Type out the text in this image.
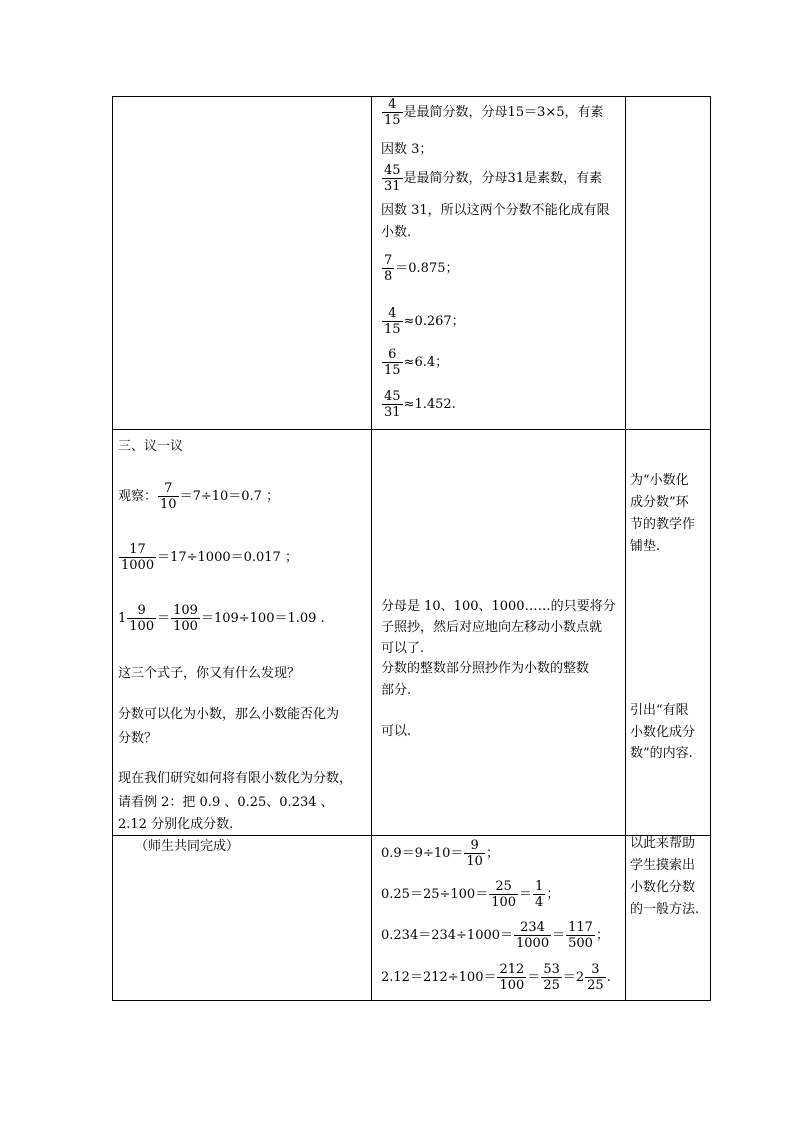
$\frac{4}{15}$ 是最简分数，分母15＝3×5，有素
因数 3；
$\frac{45}{31}$ 是最简分数，分母31是素数，有素
因数 31，所以这两个分数不能化成有限
小数.
$\frac{7}{8} =0.875$；
$\frac{4}{15} \approx 0.267$；
$\frac{6}{15} \approx 6.4$；
$\frac{45}{31} \approx 1.452$.
三、议一议
观察： $\frac{7}{10} =7\div 10=0.7$ ；
$\frac{17}{1000} =17\div 1000=0.017$ ；
$1 \frac{9}{100} = \frac{109}{100} =109\div 100=1.09$ .
这三个式子，你又有什么发现？
分数可以化为小数，那么小数能否化为
分数？
现在我们研究如何将有限小数化为分数，
请看例 2：把 0.9 、0.25、0.234 、
2.12 分别化成分数.
分母是 10、100、1000……的只要将分
子照抄，然后对应地向左移动小数点就
可以了.
分数的整数部分照抄作为小数的整数
部分.
可以.
为“小数化
成分数”环
节的教学作
铺垫.
引出“有限
小数化成分
数”的内容.
（师生共同完成）	$0.9=9\div 10= \frac{9}{10}$ ；
$0.25=25\div 100= \frac{25}{100} = \frac{1}{4}$ ；
$0.234=234\div 1000= \frac{234}{1000} = \frac{117}{500}$ ；
$2.12=212\div 100= \frac{212}{100} = \frac{53}{25} =2 \frac{3}{25}$ .
以此来帮助
学生摸索出
小数化分数
的一般方法.
